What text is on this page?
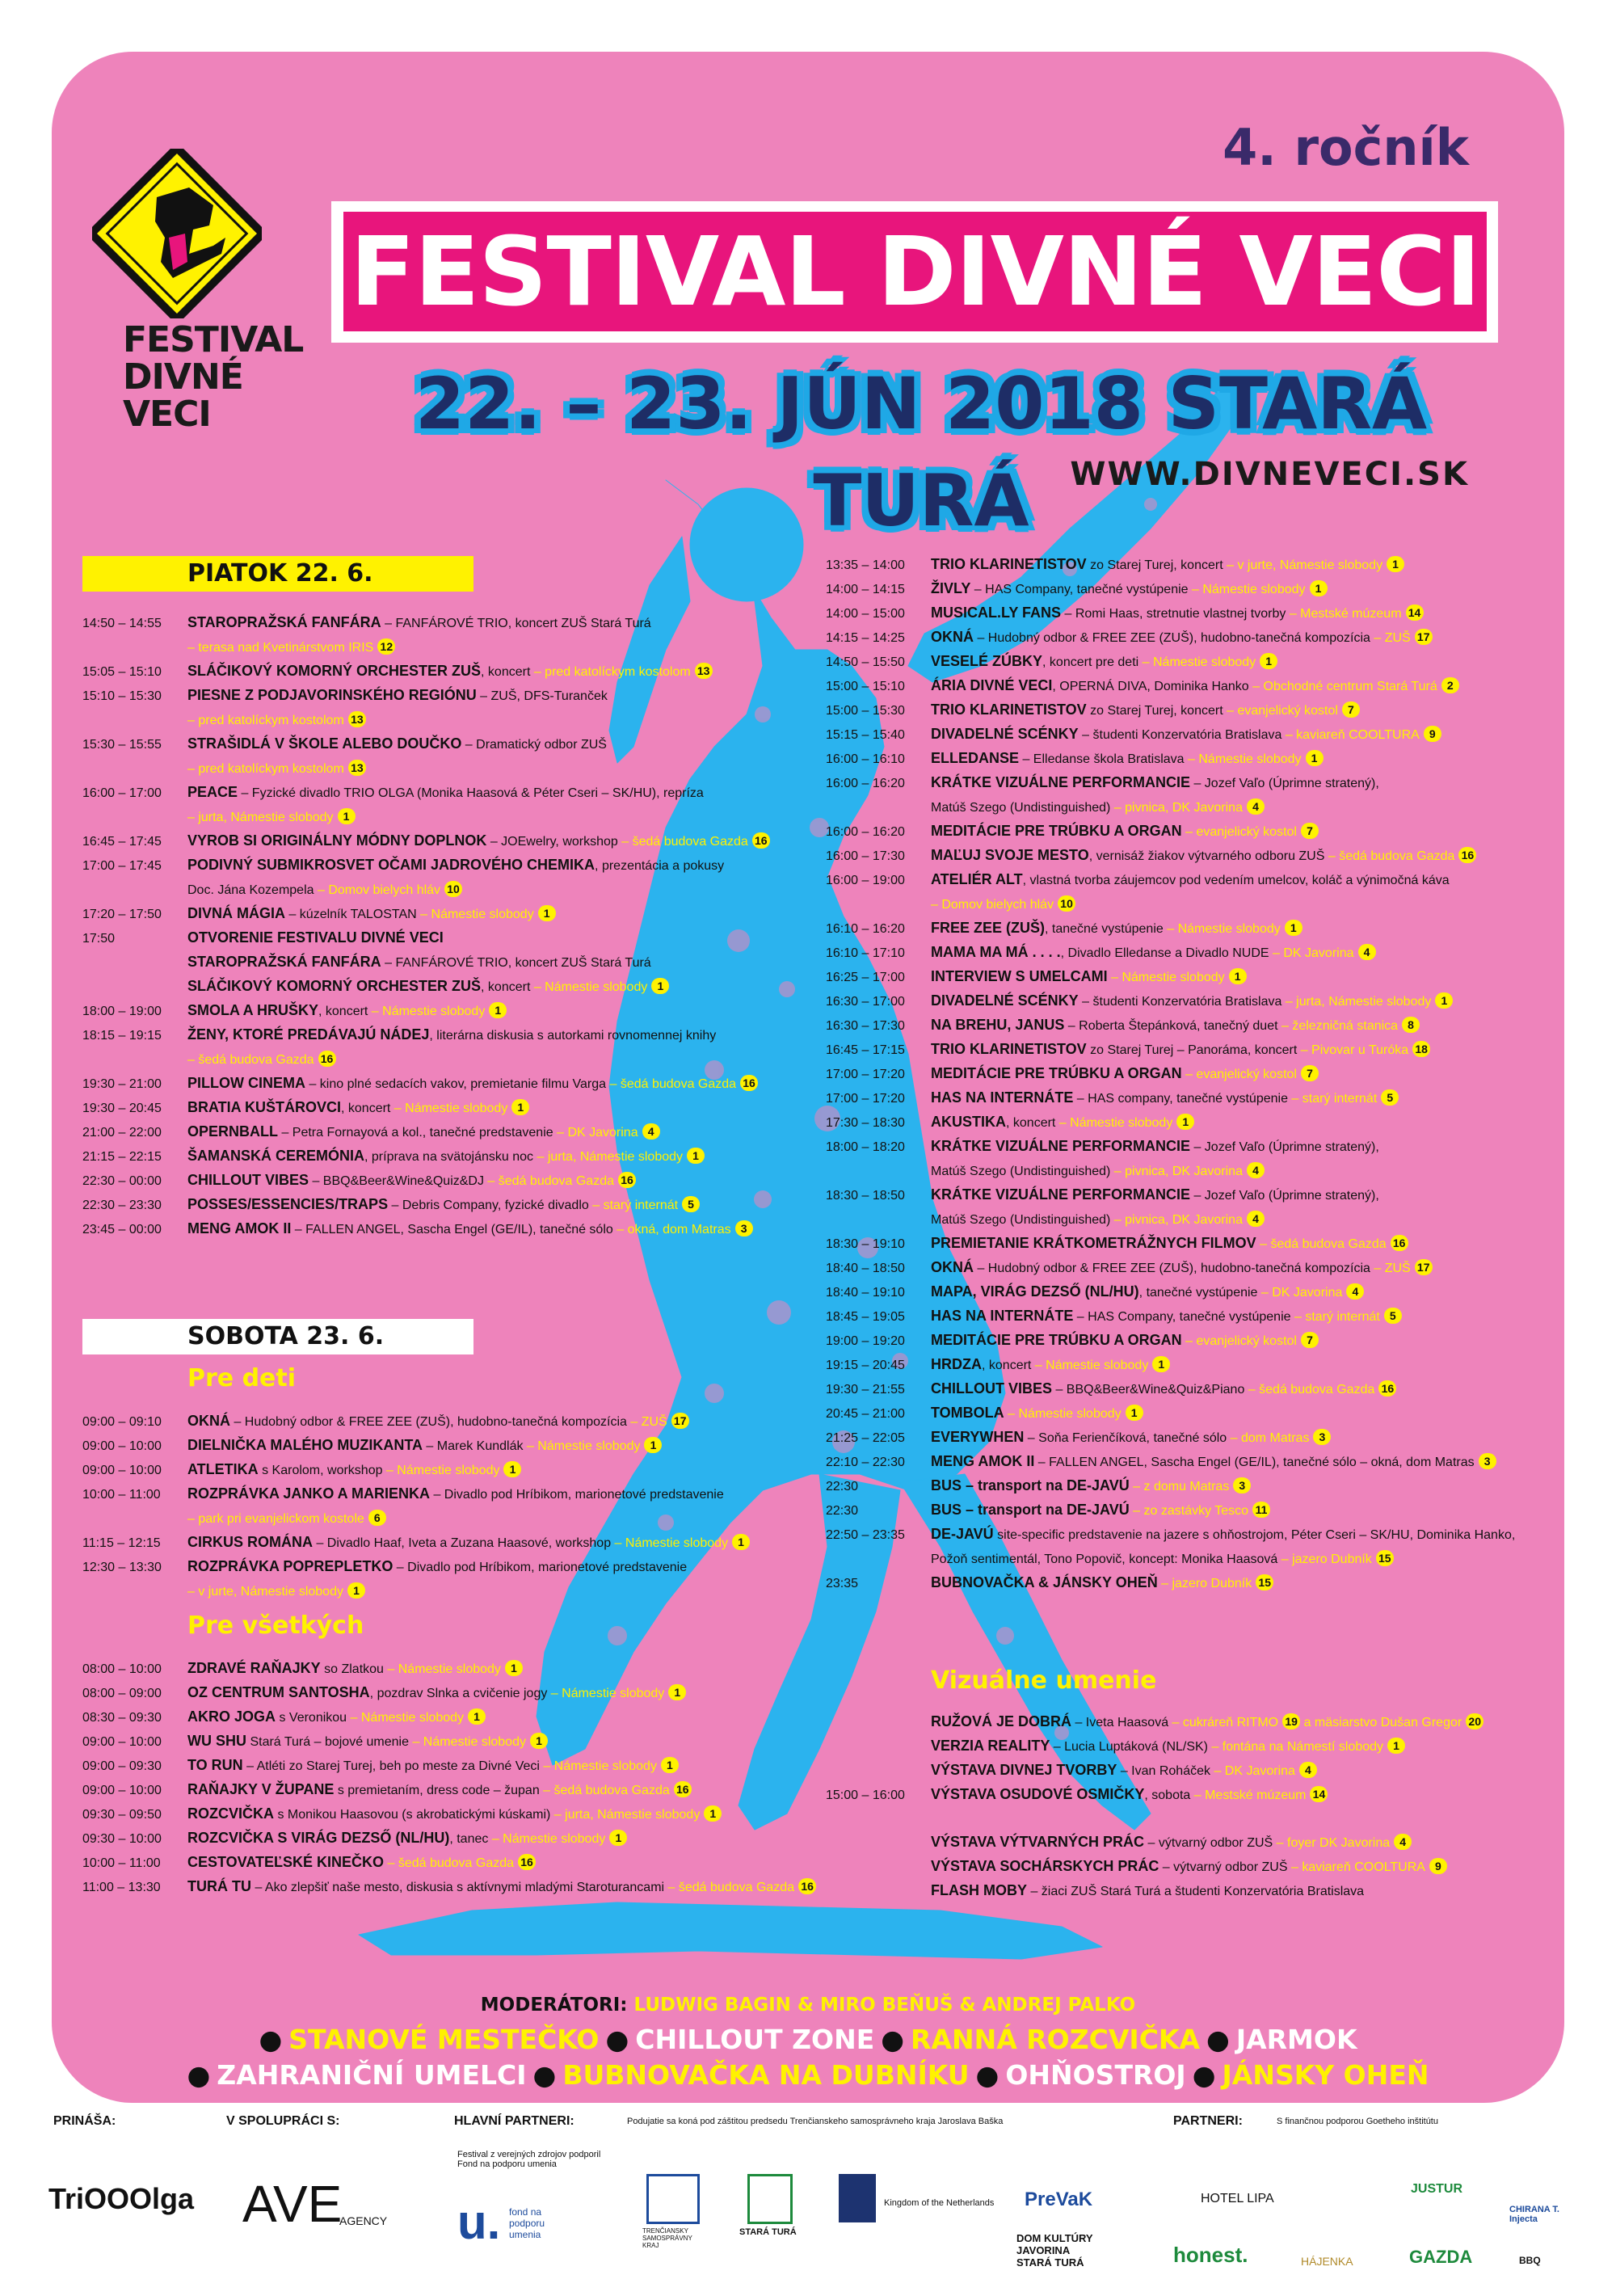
FESTIVAL
DIVNÉ
VECI
4. ročník
FESTIVAL DIVNÉ VECI
22. – 23. JÚN 2018 STARÁ TURÁ	WWW.DIVNEVECI.SK
PIATOK 22. 6.
14:50 – 14:55 STAROPRAŽSKÁ FANFÁRA – FANFÁROVÉ TRIO, koncert ZUŠ Stará Turá
– terasa nad Kvetinárstvom IRIS 12
15:05 – 15:10 SLÁČIKOVÝ KOMORNÝ ORCHESTER ZUŠ, koncert – pred katolíckym kostolom 13
15:10 – 15:30 PIESNE Z PODJAVORINSKÉHO REGIÓNU – ZUŠ, DFS-Turanček
– pred katolíckym kostolom 13
15:30 – 15:55 STRAŠIDLÁ V ŠKOLE ALEBO DOUČKO – Dramatický odbor ZUŠ
– pred katolíckym kostolom 13
16:00 – 17:00 PEACE – Fyzické divadlo TRIO OLGA (Monika Haasová & Péter Cseri – SK/HU), repríza
– jurta, Námestie slobody 1
16:45 – 17:45 VYROB SI ORIGINÁLNY MÓDNY DOPLNOK – JOEwelry, workshop – šedá budova Gazda 16
17:00 – 17:45 PODIVNÝ SUBMIKROSVET OČAMI JADROVÉHO CHEMIKA, prezentácia a pokusy
Doc. Jána Kozempela – Domov bielych hláv 10
17:20 – 17:50 DIVNÁ MÁGIA – kúzelník TALOSTAN – Námestie slobody 1
17:50	OTVORENIE FESTIVALU DIVNÉ VECI
STAROPRAŽSKÁ FANFÁRA – FANFÁROVÉ TRIO, koncert ZUŠ Stará Turá
SLÁČIKOVÝ KOMORNÝ ORCHESTER ZUŠ, koncert – Námestie slobody 1
18:00 – 19:00 SMOLA A HRUŠKY, koncert – Námestie slobody 1
18:15 – 19:15 ŽENY, KTORÉ PREDÁVAJÚ NÁDEJ, literárna diskusia s autorkami rovnomennej knihy
– šedá budova Gazda 16
19:30 – 21:00 PILLOW CINEMA – kino plné sedacích vakov, premietanie filmu Varga – šedá budova Gazda 16
19:30 – 20:45 BRATIA KUŠTÁROVCI, koncert – Námestie slobody 1
21:00 – 22:00 OPERNBALL – Petra Fornayová a kol., tanečné predstavenie – DK Javorina 4
21:15 – 22:15 ŠAMANSKÁ CEREMÓNIA, príprava na svätojánsku noc – jurta, Námestie slobody 1
22:30 – 00:00 CHILLOUT VIBES – BBQ&Beer&Wine&Quiz&DJ – šedá budova Gazda 16
22:30 – 23:30 POSSES/ESSENCIES/TRAPS – Debris Company, fyzické divadlo – starý internát 5
23:45 – 00:00 MENG AMOK II – FALLEN ANGEL, Sascha Engel (GE/IL), tanečné sólo – okná, dom Matras 3
SOBOTA 23. 6.
Pre deti
09:00 – 09:10 OKNÁ – Hudobný odbor & FREE ZEE (ZUŠ), hudobno-tanečná kompozícia – ZUŠ 17
09:00 – 10:00 DIELNIČKA MALÉHO MUZIKANTA – Marek Kundlák – Námestie slobody 1
09:00 – 10:00 ATLETIKA s Karolom, workshop – Námestie slobody 1
10:00 – 11:00 ROZPRÁVKA JANKO A MARIENKA – Divadlo pod Hríbikom, marionetové predstavenie
– park pri evanjelickom kostole 6
11:15 – 12:15 CIRKUS ROMÁNA – Divadlo Haaf, Iveta a Zuzana Haasové, workshop – Námestie slobody 1
12:30 – 13:30 ROZPRÁVKA POPREPLETKO – Divadlo pod Hríbikom, marionetové predstavenie
– v jurte, Námestie slobody 1
Pre všetkých
08:00 – 10:00 ZDRAVÉ RAŇAJKY so Zlatkou – Námestie slobody 1
08:00 – 09:00 OZ CENTRUM SANTOSHA, pozdrav Slnka a cvičenie jogy – Námestie slobody 1
08:30 – 09:30 AKRO JOGA s Veronikou – Námestie slobody 1
09:00 – 10:00 WU SHU Stará Turá – bojové umenie – Námestie slobody 1
09:00 – 09:30 TO RUN – Atléti zo Starej Turej, beh po meste za Divné Veci – Námestie slobody 1
09:00 – 10:00 RAŇAJKY V ŽUPANE s premietaním, dress code – župan – šedá budova Gazda 16
09:30 – 09:50 ROZCVIČKA s Monikou Haasovou (s akrobatickými kúskami) – jurta, Námestie slobody 1
09:30 – 10:00 ROZCVIČKA S VIRÁG DEZSŐ (NL/HU), tanec – Námestie slobody 1
10:00 – 11:00 CESTOVATEĽSKÉ KINEČKO – šedá budova Gazda 16
11:00 – 13:30 TURÁ TU – Ako zlepšiť naše mesto, diskusia s aktívnymi mladými Staroturancami – šedá budova Gazda 16
13:35 – 14:00 TRIO KLARINETISTOV zo Starej Turej, koncert – v jurte, Námestie slobody 1
14:00 – 14:15 ŽIVLY – HAS Company, tanečné vystúpenie – Námestie slobody 1
14:00 – 15:00 MUSICAL.LY FANS – Romi Haas, stretnutie vlastnej tvorby – Mestské múzeum 14
14:15 – 14:25 OKNÁ – Hudobný odbor & FREE ZEE (ZUŠ), hudobno-tanečná kompozícia – ZUŠ 17
14:50 – 15:50 VESELÉ ZÚBKY, koncert pre deti – Námestie slobody 1
15:00 – 15:10 ÁRIA DIVNÉ VECI, OPERNÁ DIVA, Dominika Hanko – Obchodné centrum Stará Turá 2
15:00 – 15:30 TRIO KLARINETISTOV zo Starej Turej, koncert – evanjelický kostol 7
15:15 – 15:40 DIVADELNÉ SCÉNKY – študenti Konzervatória Bratislava – kaviareň COOLTURA 9
16:00 – 16:10 ELLEDANSE – Elledanse škola Bratislava – Námestie slobody 1
16:00 – 16:20 KRÁTKE VIZUÁLNE PERFORMANCIE – Jozef Vaľo (Úprimne stratený),
Matúš Szego (Undistinguished) – pivnica, DK Javorina 4
16:00 – 16:20 MEDITÁCIE PRE TRÚBKU A ORGAN – evanjelický kostol 7
16:00 – 17:30 MAĽUJ SVOJE MESTO, vernisáž žiakov výtvarného odboru ZUŠ – šedá budova Gazda 16
16:00 – 19:00 ATELIÉR ALT, vlastná tvorba záujemcov pod vedením umelcov, koláč a výnimočná káva
– Domov bielych hláv 10
16:10 – 16:20 FREE ZEE (ZUŠ), tanečné vystúpenie – Námestie slobody 1
16:10 – 17:10 MAMA MA MÁ . . . ., Divadlo Elledanse a Divadlo NUDE – DK Javorina 4
16:25 – 17:00 INTERVIEW S UMELCAMI – Námestie slobody 1
16:30 – 17:00 DIVADELNÉ SCÉNKY – študenti Konzervatória Bratislava – jurta, Námestie slobody 1
16:30 – 17:30 NA BREHU, JANUS – Roberta Štepánková, tanečný duet – železničná stanica 8
16:45 – 17:15 TRIO KLARINETISTOV zo Starej Turej – Panoráma, koncert – Pivovar u Turóka 18
17:00 – 17:20 MEDITÁCIE PRE TRÚBKU A ORGAN – evanjelický kostol 7
17:00 – 17:20 HAS NA INTERNÁTE – HAS company, tanečné vystúpenie – starý internát 5
17:30 – 18:30 AKUSTIKA, koncert – Námestie slobody 1
18:00 – 18:20 KRÁTKE VIZUÁLNE PERFORMANCIE – Jozef Vaľo (Úprimne stratený),
Matúš Szego (Undistinguished) – pivnica, DK Javorina 4
18:30 – 18:50 KRÁTKE VIZUÁLNE PERFORMANCIE – Jozef Vaľo (Úprimne stratený),
Matúš Szego (Undistinguished) – pivnica, DK Javorina 4
18:30 – 19:10 PREMIETANIE KRÁTKOMETRÁŽNYCH FILMOV – šedá budova Gazda 16
18:40 – 18:50 OKNÁ – Hudobný odbor & FREE ZEE (ZUŠ), hudobno-tanečná kompozícia – ZUŠ 17
18:40 – 19:10 MAPA, VIRÁG DEZSŐ (NL/HU), tanečné vystúpenie – DK Javorina 4
18:45 – 19:05 HAS NA INTERNÁTE – HAS Company, tanečné vystúpenie – starý internát 5
19:00 – 19:20 MEDITÁCIE PRE TRÚBKU A ORGAN – evanjelický kostol 7
19:15 – 20:45 HRDZA, koncert – Námestie slobody 1
19:30 – 21:55 CHILLOUT VIBES – BBQ&Beer&Wine&Quiz&Piano – šedá budova Gazda 16
20:45 – 21:00 TOMBOLA – Námestie slobody 1
21:25 – 22:05 EVERYWHEN – Soňa Ferienčíková, tanečné sólo – dom Matras 3
22:10 – 22:30 MENG AMOK II – FALLEN ANGEL, Sascha Engel (GE/IL), tanečné sólo – okná, dom Matras 3
22:30	BUS – transport na DE-JAVÚ – z domu Matras 3
22:30	BUS – transport na DE-JAVÚ – zo zastávky Tesco 11
22:50 – 23:35 DE-JAVÚ site-specific predstavenie na jazere s ohňostrojom, Péter Cseri – SK/HU, Dominika Hanko,
Požoň sentimentál, Tono Popovič, koncept: Monika Haasová – jazero Dubník 15
23:35	BUBNOVAČKA & JÁNSKY OHEŇ – jazero Dubník 15
Vizuálne umenie
RUŽOVÁ JE DOBRÁ – Iveta Haasová – cukráreň RITMO 19 a mäsiarstvo Dušan Gregor 20
VERZIA REALITY – Lucia Luptáková (NL/SK) – fontána na Námestí slobody 1
VÝSTAVA DIVNEJ TVORBY – Ivan Roháček – DK Javorina 4
15:00 – 16:00 VÝSTAVA OSUDOVÉ OSMIČKY, sobota – Mestské múzeum 14
VÝSTAVA VÝTVARNÝCH PRÁC – výtvarný odbor ZUŠ – foyer DK Javorina 4
VÝSTAVA SOCHÁRSKYCH PRÁC – výtvarný odbor ZUŠ – kaviareň COOLTURA 9
FLASH MOBY – žiaci ZUŠ Stará Turá a študenti Konzervatória Bratislava
MODERÁTORI: LUDWIG BAGIN & MIRO BEŇUŠ & ANDREJ PALKO
● STANOVÉ MESTEČKO ● CHILLOUT ZONE ● RANNÁ ROZCVIČKA ● JARMOK
● ZAHRANIČNÍ UMELCI ● BUBNOVAČKA NA DUBNÍKU ● OHŇOSTROJ ● JÁNSKY OHEŇ
PRINÁŠA:	V SPOLUPRÁCI S:	HLAVNÍ PARTNERI:	Podujatie sa koná pod záštitou predsedu Trenčianskeho samosprávneho kraja Jaroslava Baška	PARTNERI:	S finančnou podporou Goetheho inštitútu
TriOOOlga AVE
AGENCY
Festival z verejných zdrojov podporil Fond na podporu umenia
u. fond na podporu umenia	TRENČIANSKY SAMOSPRÁVNY KRAJ
STARÁ TURÁ
Kingdom of the Netherlands PreVaK
DOM KULTÚRY JAVORINA STARÁ TURÁ
HOTEL LIPA
JUSTUR
honest.	HÁJENKA	GAZDA
CHIRANA T. Injecta
BBQ
